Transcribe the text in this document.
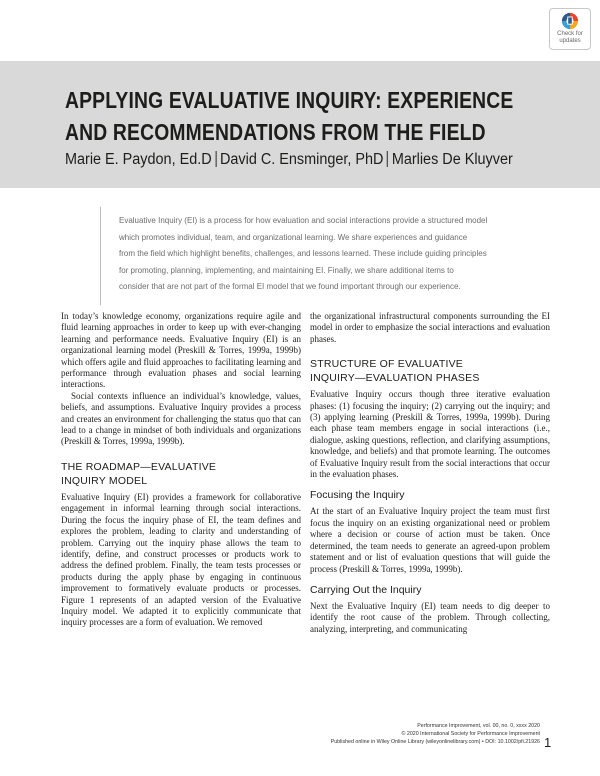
Check for
updates
APPLYING EVALUATIVE INQUIRY: EXPERIENCE
AND RECOMMENDATIONS FROM THE FIELD
Marie E. Paydon, Ed.D David C. Ensminger, PhD Marlies De Kluyver
Evaluative Inquiry (EI) is a process for how evaluation and social interactions provide a structured model
which promotes individual, team, and organizational learning. We share experiences and guidance
from the field which highlight benefits, challenges, and lessons learned. These include guiding principles
for promoting, planning, implementing, and maintaining EI. Finally, we share additional items to
consider that are not part of the formal EI model that we found important through our experience.

In today’s knowledge economy, organizations require agile and fluid learning approaches in order to keep up with ever-changing learning and performance needs. Evaluative Inquiry (EI) is an organizational learning model (Preskill & Torres, 1999a, 1999b) which offers agile and fluid approaches to facilitating learning and performance through evaluation phases and social learning interactions.

Social contexts influence an individual’s knowledge, values, beliefs, and assumptions. Evaluative Inquiry provides a process and creates an environment for challenging the status quo that can lead to a change in mindset of both individuals and organizations (Preskill & Torres, 1999a, 1999b).

THE ROADMAP—EVALUATIVE
INQUIRY MODEL

Evaluative Inquiry (EI) provides a framework for collaborative engagement in informal learning through social interactions. During the focus the inquiry phase of EI, the team defines and explores the problem, leading to clarity and understanding of problem. Carrying out the inquiry phase allows the team to identify, define, and construct processes or products work to address the defined problem. Finally, the team tests processes or products during the apply phase by engaging in continuous improvement to formatively evaluate products or processes. Figure 1 represents of an adapted version of the Evaluative Inquiry model. We adapted it to explicitly communicate that inquiry processes are a form of evaluation. We removed

the organizational infrastructural components surrounding the EI model in order to emphasize the social interactions and evaluation phases.

STRUCTURE OF EVALUATIVE
INQUIRY—EVALUATION PHASES

Evaluative Inquiry occurs though three iterative evaluation phases: (1) focusing the inquiry; (2) carrying out the inquiry; and (3) applying learning (Preskill & Torres, 1999a, 1999b). During each phase team members engage in social interactions (i.e., dialogue, asking questions, reflection, and clarifying assumptions, knowledge, and beliefs) and that promote learning. The outcomes of Evaluative Inquiry result from the social interactions that occur in the evaluation phases.

Focusing the Inquiry

At the start of an Evaluative Inquiry project the team must first focus the inquiry on an existing organizational need or problem where a decision or course of action must be taken. Once determined, the team needs to generate an agreed-upon problem statement and or list of evaluation questions that will guide the process (Preskill & Torres, 1999a, 1999b).

Carrying Out the Inquiry

Next the Evaluative Inquiry (EI) team needs to dig deeper to identify the root cause of the problem. Through collecting, analyzing, interpreting, and communicating

Performance Improvement, vol. 00, no. 0, xxxx 2020
© 2020 International Society for Performance Improvement
Published online in Wiley Online Library (wileyonlinelibrary.com) • DOI: 10.1002/pfi.21926 1
